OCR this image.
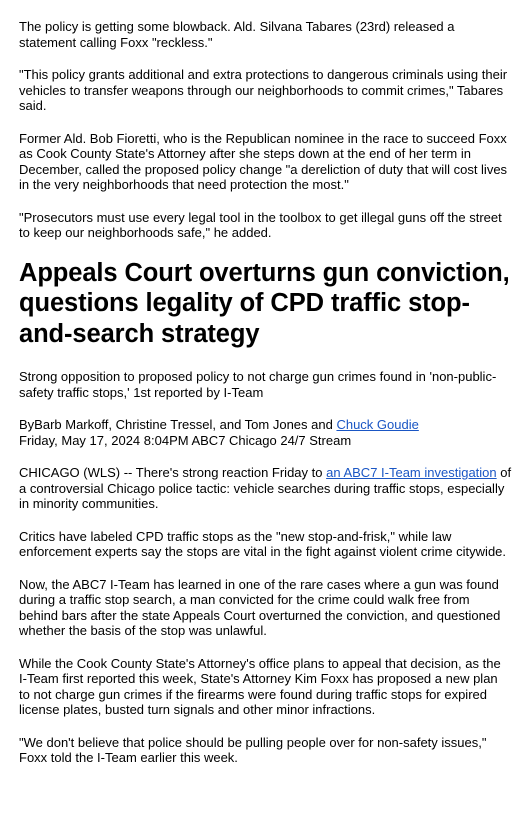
The policy is getting some blowback. Ald. Silvana Tabares (23rd) released a statement calling Foxx "reckless."

"This policy grants additional and extra protections to dangerous criminals using their vehicles to transfer weapons through our neighborhoods to commit crimes," Tabares said.

Former Ald. Bob Fioretti, who is the Republican nominee in the race to succeed Foxx as Cook County State's Attorney after she steps down at the end of her term in December, called the proposed policy change "a dereliction of duty that will cost lives in the very neighborhoods that need protection the most."

"Prosecutors must use every legal tool in the toolbox to get illegal guns off the street to keep our neighborhoods safe," he added.

Appeals Court overturns gun conviction, questions legality of CPD traffic stop-and-search strategy

Strong opposition to proposed policy to not charge gun crimes found in 'non-public-safety traffic stops,' 1st reported by I-Team

ByBarb Markoff, Christine Tressel, and Tom Jones and Chuck Goudie
Friday, May 17, 2024 8:04PM ABC7 Chicago 24/7 Stream

CHICAGO (WLS) -- There's strong reaction Friday to an ABC7 I-Team investigation of a controversial Chicago police tactic: vehicle searches during traffic stops, especially in minority communities.

Critics have labeled CPD traffic stops as the "new stop-and-frisk," while law enforcement experts say the stops are vital in the fight against violent crime citywide.

Now, the ABC7 I-Team has learned in one of the rare cases where a gun was found during a traffic stop search, a man convicted for the crime could walk free from behind bars after the state Appeals Court overturned the conviction, and questioned whether the basis of the stop was unlawful.

While the Cook County State's Attorney's office plans to appeal that decision, as the I-Team first reported this week, State's Attorney Kim Foxx has proposed a new plan to not charge gun crimes if the firearms were found during traffic stops for expired license plates, busted turn signals and other minor infractions.

"We don't believe that police should be pulling people over for non-safety issues," Foxx told the I-Team earlier this week.
